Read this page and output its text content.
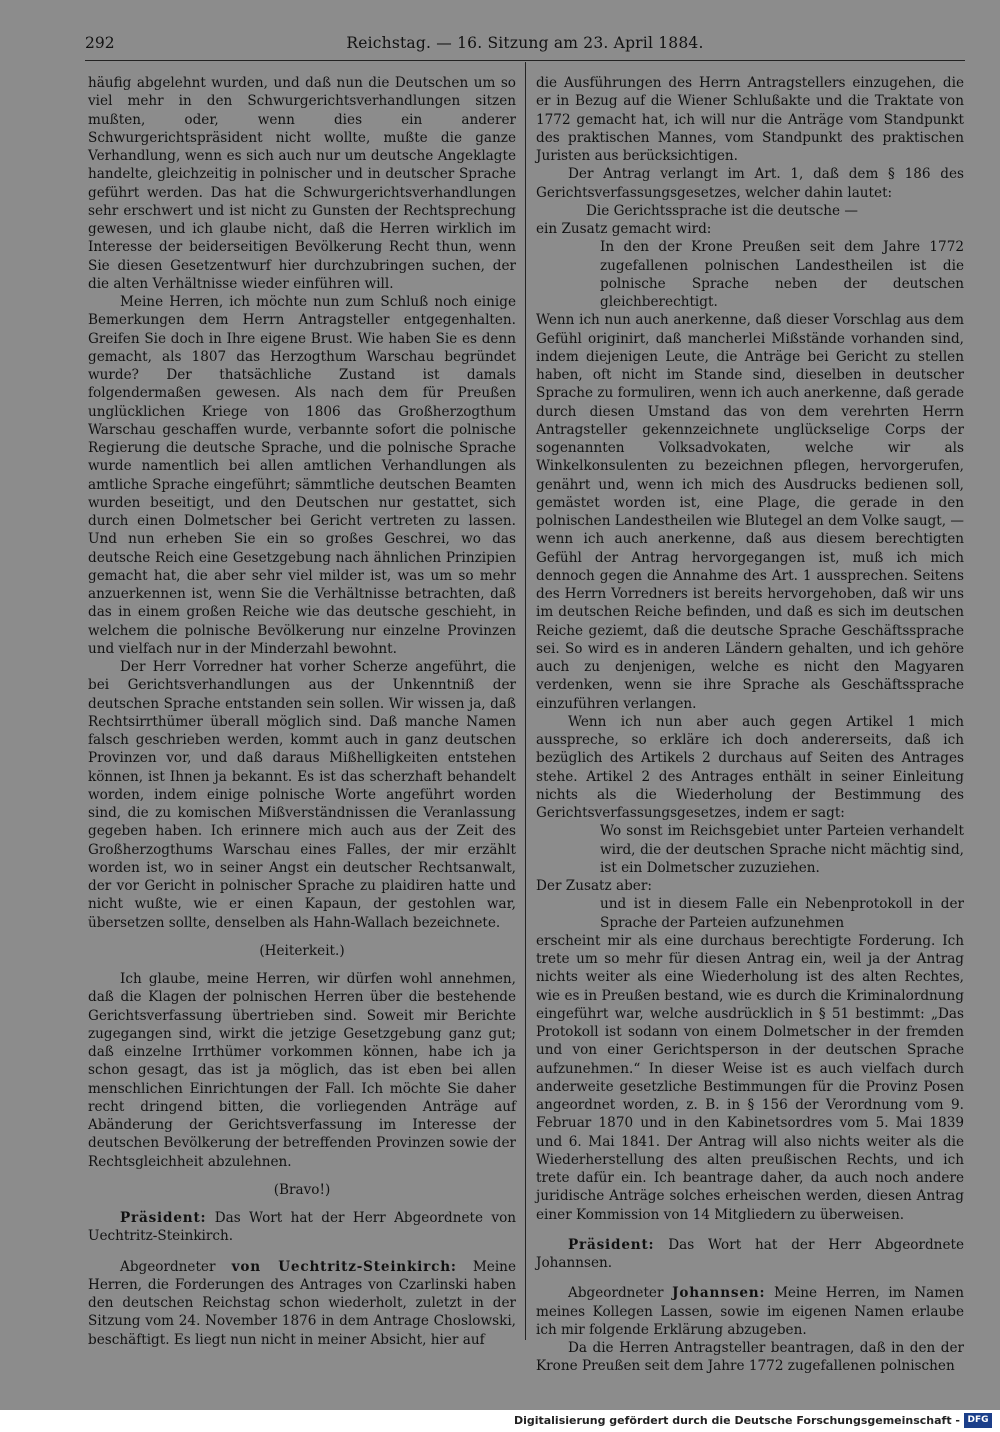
292	Reichstag. — 16. Sitzung am 23. April 1884.

häufig abgelehnt wurden, und daß nun die Deutschen um so viel mehr in den Schwurgerichtsverhandlungen sitzen mußten, oder, wenn dies ein anderer Schwurgerichtspräsident nicht wollte, mußte die ganze Verhandlung, wenn es sich auch nur um deutsche Angeklagte handelte, gleichzeitig in polnischer und in deutscher Sprache geführt werden. Das hat die Schwurgerichtsverhandlungen sehr erschwert und ist nicht zu Gunsten der Rechtsprechung gewesen, und ich glaube nicht, daß die Herren wirklich im Interesse der beiderseitigen Bevölkerung Recht thun, wenn Sie diesen Gesetzentwurf hier durchzubringen suchen, der die alten Verhältnisse wieder einführen will.

Meine Herren, ich möchte nun zum Schluß noch einige Bemerkungen dem Herrn Antragsteller entgegenhalten. Greifen Sie doch in Ihre eigene Brust. Wie haben Sie es denn gemacht, als 1807 das Herzogthum Warschau begründet wurde? Der thatsächliche Zustand ist damals folgendermaßen gewesen. Als nach dem für Preußen unglücklichen Kriege von 1806 das Großherzogthum Warschau geschaffen wurde, verbannte sofort die polnische Regierung die deutsche Sprache, und die polnische Sprache wurde namentlich bei allen amtlichen Verhandlungen als amtliche Sprache eingeführt; sämmtliche deutschen Beamten wurden beseitigt, und den Deutschen nur gestattet, sich durch einen Dolmetscher bei Gericht vertreten zu lassen. Und nun erheben Sie ein so großes Geschrei, wo das deutsche Reich eine Gesetzgebung nach ähnlichen Prinzipien gemacht hat, die aber sehr viel milder ist, was um so mehr anzuerkennen ist, wenn Sie die Verhältnisse betrachten, daß das in einem großen Reiche wie das deutsche geschieht, in welchem die polnische Bevölkerung nur einzelne Provinzen und vielfach nur in der Minderzahl bewohnt.

Der Herr Vorredner hat vorher Scherze angeführt, die bei Gerichtsverhandlungen aus der Unkenntniß der deutschen Sprache entstanden sein sollen. Wir wissen ja, daß Rechtsirrthümer überall möglich sind. Daß manche Namen falsch geschrieben werden, kommt auch in ganz deutschen Provinzen vor, und daß daraus Mißhelligkeiten entstehen können, ist Ihnen ja bekannt. Es ist das scherzhaft behandelt worden, indem einige polnische Worte angeführt worden sind, die zu komischen Mißverständnissen die Veranlassung gegeben haben. Ich erinnere mich auch aus der Zeit des Großherzogthums Warschau eines Falles, der mir erzählt worden ist, wo in seiner Angst ein deutscher Rechtsanwalt, der vor Gericht in polnischer Sprache zu plaidiren hatte und nicht wußte, wie er einen Kapaun, der gestohlen war, übersetzen sollte, denselben als Hahn-Wallach bezeichnete.

(Heiterkeit.)

Ich glaube, meine Herren, wir dürfen wohl annehmen, daß die Klagen der polnischen Herren über die bestehende Gerichtsverfassung übertrieben sind. Soweit mir Berichte zugegangen sind, wirkt die jetzige Gesetzgebung ganz gut; daß einzelne Irrthümer vorkommen können, habe ich ja schon gesagt, das ist ja möglich, das ist eben bei allen menschlichen Einrichtungen der Fall. Ich möchte Sie daher recht dringend bitten, die vorliegenden Anträge auf Abänderung der Gerichtsverfassung im Interesse der deutschen Bevölkerung der betreffenden Provinzen sowie der Rechtsgleichheit abzulehnen.

(Bravo!)

Präsident: Das Wort hat der Herr Abgeordnete von Uechtritz-Steinkirch.

Abgeordneter von Uechtritz-Steinkirch: Meine Herren, die Forderungen des Antrages von Czarlinski haben den deutschen Reichstag schon wiederholt, zuletzt in der Sitzung vom 24. November 1876 in dem Antrage Choslowski, beschäftigt. Es liegt nun nicht in meiner Absicht, hier auf

die Ausführungen des Herrn Antragstellers einzugehen, die er in Bezug auf die Wiener Schlußakte und die Traktate von 1772 gemacht hat, ich will nur die Anträge vom Standpunkt des praktischen Mannes, vom Standpunkt des praktischen Juristen aus berücksichtigen.

Der Antrag verlangt im Art. 1, daß dem § 186 des Gerichtsverfassungsgesetzes, welcher dahin lautet:

Die Gerichtssprache ist die deutsche —

ein Zusatz gemacht wird:

In den der Krone Preußen seit dem Jahre 1772 zugefallenen polnischen Landestheilen ist die polnische Sprache neben der deutschen gleichberechtigt.

Wenn ich nun auch anerkenne, daß dieser Vorschlag aus dem Gefühl originirt, daß mancherlei Mißstände vorhanden sind, indem diejenigen Leute, die Anträge bei Gericht zu stellen haben, oft nicht im Stande sind, dieselben in deutscher Sprache zu formuliren, wenn ich auch anerkenne, daß gerade durch diesen Umstand das von dem verehrten Herrn Antragsteller gekennzeichnete unglückselige Corps der sogenannten Volksadvokaten, welche wir als Winkelkonsulenten zu bezeichnen pflegen, hervorgerufen, genährt und, wenn ich mich des Ausdrucks bedienen soll, gemästet worden ist, eine Plage, die gerade in den polnischen Landestheilen wie Blutegel an dem Volke saugt, — wenn ich auch anerkenne, daß aus diesem berechtigten Gefühl der Antrag hervorgegangen ist, muß ich mich dennoch gegen die Annahme des Art. 1 aussprechen. Seitens des Herrn Vorredners ist bereits hervorgehoben, daß wir uns im deutschen Reiche befinden, und daß es sich im deutschen Reiche geziemt, daß die deutsche Sprache Geschäftssprache sei. So wird es in anderen Ländern gehalten, und ich gehöre auch zu denjenigen, welche es nicht den Magyaren verdenken, wenn sie ihre Sprache als Geschäftssprache einzuführen verlangen.

Wenn ich nun aber auch gegen Artikel 1 mich ausspreche, so erkläre ich doch andererseits, daß ich bezüglich des Artikels 2 durchaus auf Seiten des Antrages stehe. Artikel 2 des Antrages enthält in seiner Einleitung nichts als die Wiederholung der Bestimmung des Gerichtsverfassungsgesetzes, indem er sagt:

Wo sonst im Reichsgebiet unter Parteien verhandelt wird, die der deutschen Sprache nicht mächtig sind, ist ein Dolmetscher zuzuziehen.

Der Zusatz aber:

und ist in diesem Falle ein Nebenprotokoll in der Sprache der Parteien aufzunehmen

erscheint mir als eine durchaus berechtigte Forderung. Ich trete um so mehr für diesen Antrag ein, weil ja der Antrag nichts weiter als eine Wiederholung ist des alten Rechtes, wie es in Preußen bestand, wie es durch die Kriminalordnung eingeführt war, welche ausdrücklich in § 51 bestimmt: „Das Protokoll ist sodann von einem Dolmetscher in der fremden und von einer Gerichtsperson in der deutschen Sprache aufzunehmen.“ In dieser Weise ist es auch vielfach durch anderweite gesetzliche Bestimmungen für die Provinz Posen angeordnet worden, z. B. in § 156 der Verordnung vom 9. Februar 1870 und in den Kabinetsordres vom 5. Mai 1839 und 6. Mai 1841. Der Antrag will also nichts weiter als die Wiederherstellung des alten preußischen Rechts, und ich trete dafür ein. Ich beantrage daher, da auch noch andere juridische Anträge solches erheischen werden, diesen Antrag einer Kommission von 14 Mitgliedern zu überweisen.

Präsident: Das Wort hat der Herr Abgeordnete Johannsen.

Abgeordneter Johannsen: Meine Herren, im Namen meines Kollegen Lassen, sowie im eigenen Namen erlaube ich mir folgende Erklärung abzugeben.

Da die Herren Antragsteller beantragen, daß in den der Krone Preußen seit dem Jahre 1772 zugefallenen polnischen

Digitalisierung gefördert durch die Deutsche Forschungsgemeinschaft - DFG
